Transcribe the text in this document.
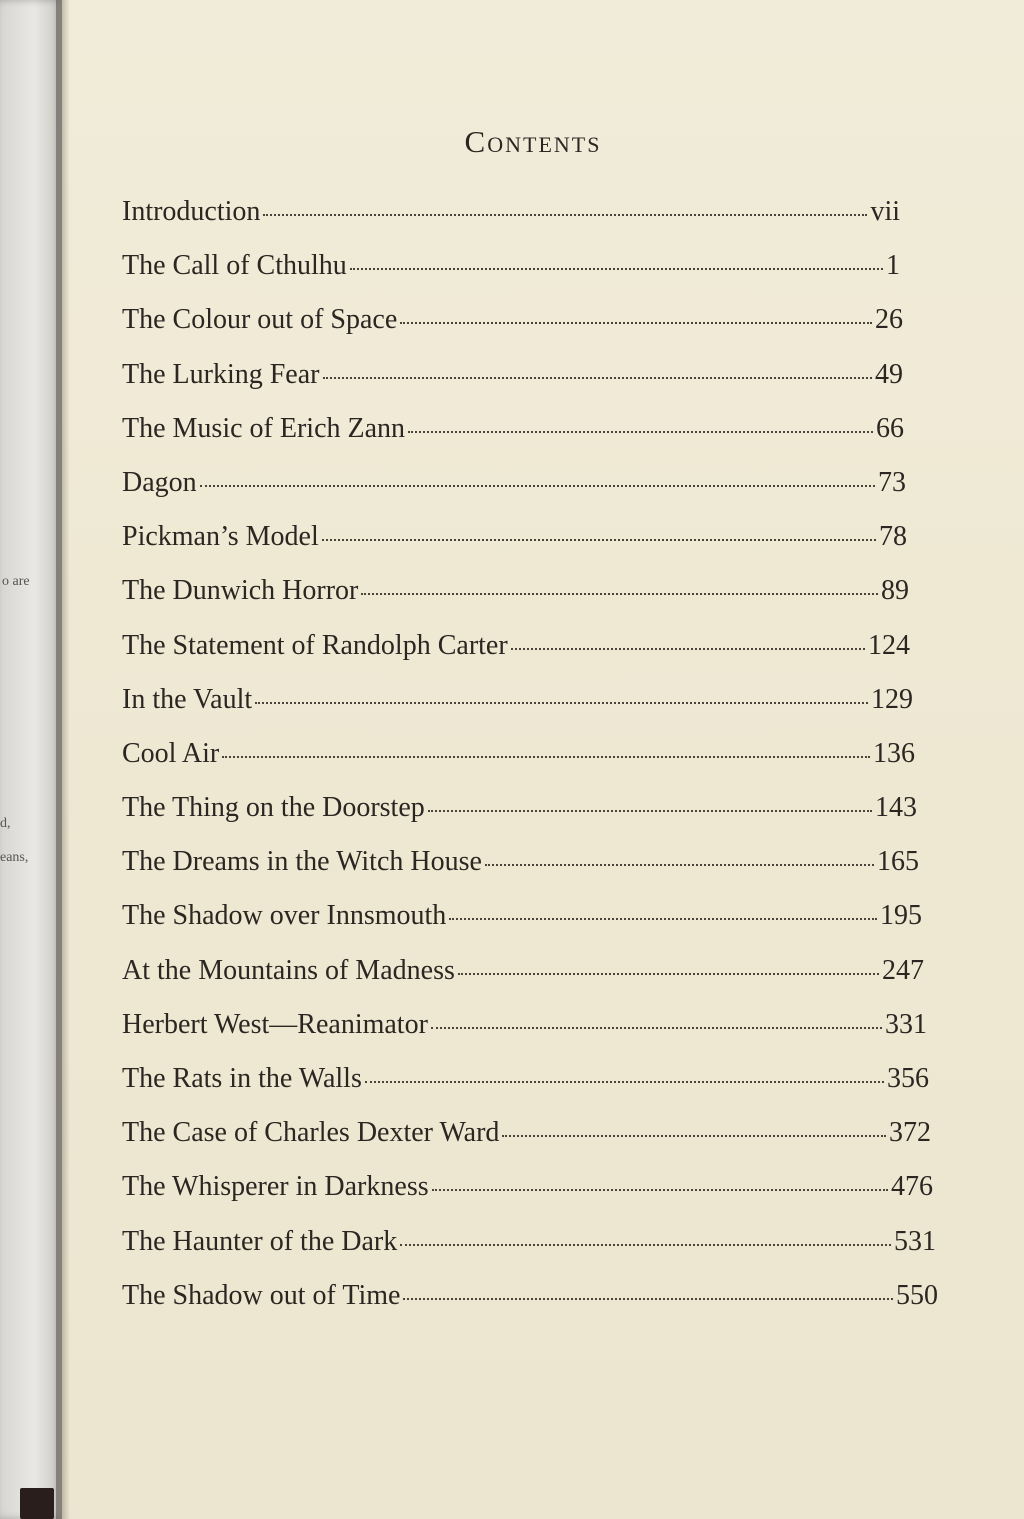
o are
d,
eans,
Contents
Introduction	vii
The Call of Cthulhu	1
The Colour out of Space	26
The Lurking Fear	49
The Music of Erich Zann	66
Dagon	73
Pickman’s Model	78
The Dunwich Horror	89
The Statement of Randolph Carter	124
In the Vault	129
Cool Air	136
The Thing on the Doorstep	143
The Dreams in the Witch House	165
The Shadow over Innsmouth	195
At the Mountains of Madness	247
Herbert West—Reanimator	331
The Rats in the Walls	356
The Case of Charles Dexter Ward	372
The Whisperer in Darkness	476
The Haunter of the Dark	531
The Shadow out of Time	550
